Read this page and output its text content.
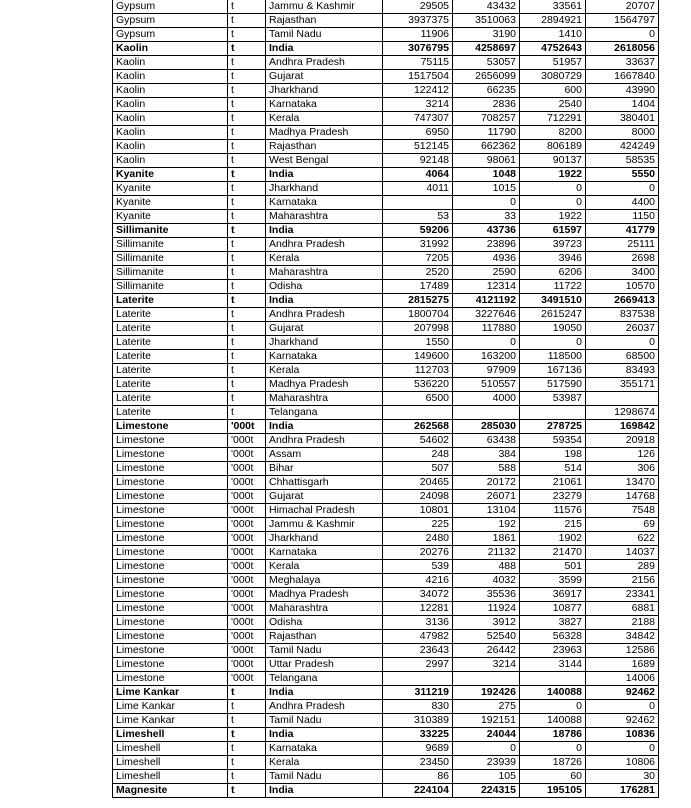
Gypsum	t	Jammu & Kashmir	29505	43432	33561	20707
Gypsum	t	Rajasthan	3937375	3510063	2894921	1564797
Gypsum	t	Tamil Nadu	11906	3190	1410	0
Kaolin	t	India	3076795	4258697	4752643	2618056
Kaolin	t	Andhra Pradesh	75115	53057	51957	33637
Kaolin	t	Gujarat	1517504	2656099	3080729	1667840
Kaolin	t	Jharkhand	122412	66235	600	43990
Kaolin	t	Karnataka	3214	2836	2540	1404
Kaolin	t	Kerala	747307	708257	712291	380401
Kaolin	t	Madhya Pradesh	6950	11790	8200	8000
Kaolin	t	Rajasthan	512145	662362	806189	424249
Kaolin	t	West Bengal	92148	98061	90137	58535
Kyanite	t	India	4064	1048	1922	5550
Kyanite	t	Jharkhand	4011	1015	0	0
Kyanite	t	Karnataka		0	0	4400
Kyanite	t	Maharashtra	53	33	1922	1150
Sillimanite	t	India	59206	43736	61597	41779
Sillimanite	t	Andhra Pradesh	31992	23896	39723	25111
Sillimanite	t	Kerala	7205	4936	3946	2698
Sillimanite	t	Maharashtra	2520	2590	6206	3400
Sillimanite	t	Odisha	17489	12314	11722	10570
Laterite	t	India	2815275	4121192	3491510	2669413
Laterite	t	Andhra Pradesh	1800704	3227646	2615247	837538
Laterite	t	Gujarat	207998	117880	19050	26037
Laterite	t	Jharkhand	1550	0	0	0
Laterite	t	Karnataka	149600	163200	118500	68500
Laterite	t	Kerala	112703	97909	167136	83493
Laterite	t	Madhya Pradesh	536220	510557	517590	355171
Laterite	t	Maharashtra	6500	4000	53987	
Laterite	t	Telangana				1298674
Limestone	'000t	India	262568	285030	278725	169842
Limestone	'000t	Andhra Pradesh	54602	63438	59354	20918
Limestone	'000t	Assam	248	384	198	126
Limestone	'000t	Bihar	507	588	514	306
Limestone	'000t	Chhattisgarh	20465	20172	21061	13470
Limestone	'000t	Gujarat	24098	26071	23279	14768
Limestone	'000t	Himachal Pradesh	10801	13104	11576	7548
Limestone	'000t	Jammu & Kashmir	225	192	215	69
Limestone	'000t	Jharkhand	2480	1861	1902	622
Limestone	'000t	Karnataka	20276	21132	21470	14037
Limestone	'000t	Kerala	539	488	501	289
Limestone	'000t	Meghalaya	4216	4032	3599	2156
Limestone	'000t	Madhya Pradesh	34072	35536	36917	23341
Limestone	'000t	Maharashtra	12281	11924	10877	6881
Limestone	'000t	Odisha	3136	3912	3827	2188
Limestone	'000t	Rajasthan	47982	52540	56328	34842
Limestone	'000t	Tamil Nadu	23643	26442	23963	12586
Limestone	'000t	Uttar Pradesh	2997	3214	3144	1689
Limestone	'000t	Telangana				14006
Lime Kankar	t	India	311219	192426	140088	92462
Lime Kankar	t	Andhra Pradesh	830	275	0	0
Lime Kankar	t	Tamil Nadu	310389	192151	140088	92462
Limeshell	t	India	33225	24044	18786	10836
Limeshell	t	Karnataka	9689	0	0	0
Limeshell	t	Kerala	23450	23939	18726	10806
Limeshell	t	Tamil Nadu	86	105	60	30
Magnesite	t	India	224104	224315	195105	176281
